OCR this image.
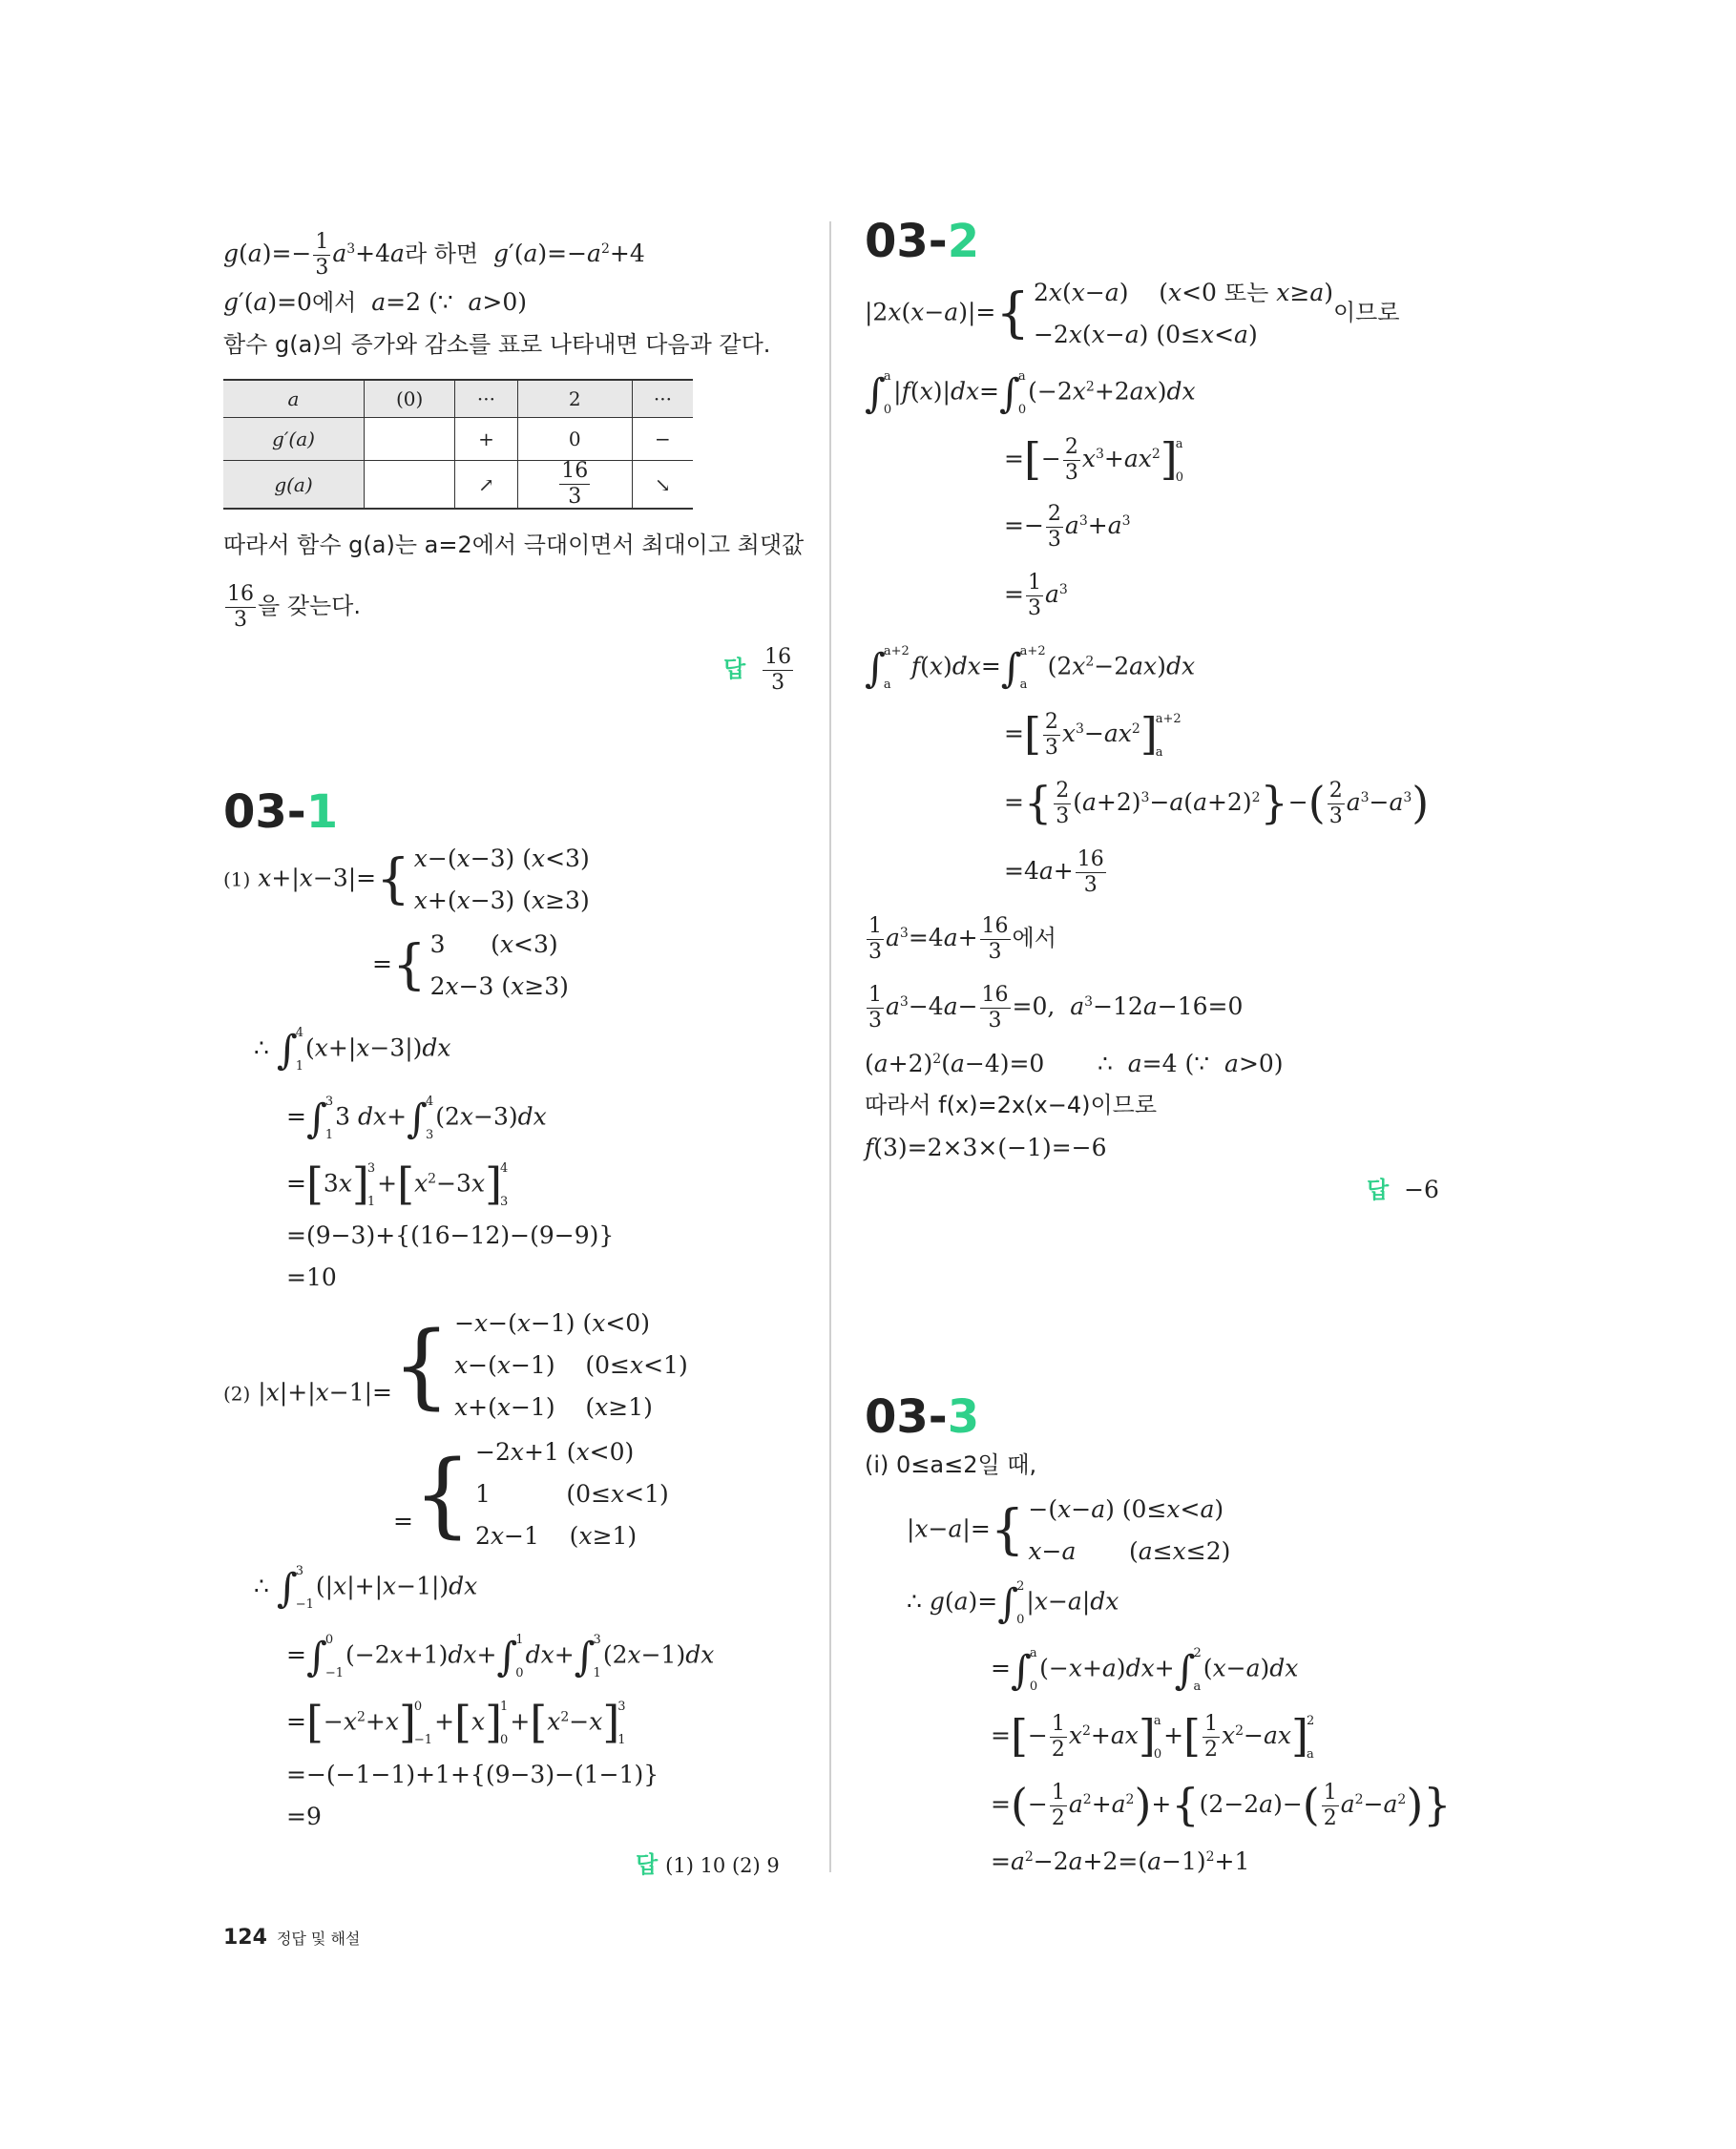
$g(a)=- \frac{1}{3} a^3+4a$라 하면 $g'(a)=-a^2+4$
g′(a)=0에서 a=2 (∵  a>0)
함수 g(a)의 증가와 감소를 표로 나타내면 다음과 같다.
a	(0)	···	2	···
g′(a)		+	0	−
g(a)		↗	$\frac{16}{3}$	↘
따라서 함수 g(a)는 a=2에서 극대이면서 최대이고 최댓값
$\frac{16}{3}$ 을 갖는다.
답 $\frac{16}{3}$
03-1
(1) x+|x−3|={ x−(x−3) (x<3)
x+(x−3) (x≥3)
={ 3      (x<3)
2x−3 (x≥3)
∴ ∫
4
1
(x+|x−3|)dx
=∫
3
1
3 dx+∫
4
3
(2x−3)dx
=[3x]
3
1
$+[x^2-3x]$
4
3
=(9−3)+{(16−12)−(9−9)}
=10
$_{(2)}$ |x|+|x−1|={ −x−(x−1) (x<0)
x−(x−1)    (0≤x<1)
x+(x−1)    (x≥1)
={ −2x+1 (x<0)
1          (0≤x<1)
2x−1    (x≥1)
∴ ∫
3
−1
(|x|+|x−1|)dx
=∫
0
−1
(−2x+1)dx+∫
1
0
dx+∫
3
1
(2x−1)dx
$=[-x^2+x]$
0
−1
+[x]
1
0
$+[x^2-x]$
3
1
=−(−1−1)+1+{(9−3)−(1−1)}
=9
답 (1) 10 (2) 9
03-2
|2x(x−a)|={ 2x(x−a)    (x<0 또는 x≥a)
−2x(x−a) (0≤x<a)이므로
∫
a
0
|f(x)|dx=∫
a
0
$(-2x^2+2ax)dx$
=[− $\frac{2}{3} x^3+ax^2$]
a
0
=− $\frac{2}{3} a^3+a^3$
= $\frac{1}{3} a^3$
∫
a+2
a
f(x)dx=∫
a+2
a
$(2x^2-2ax)dx$
=[ $\frac{2}{3} x^3-ax^2$]
a+2
a
={ $\frac{2}{3} (a+2)^3-a(a+2)^2\}-( \frac{2}{3} a^3-a^3)$
$=4a+ \frac{16}{3}$
$\frac{1}{3} a^3=4a+ \frac{16}{3}$ 에서
$\frac{1}{3} a^3-4a- \frac{16}{3} =0$,  $a^3-12a-16=0$
$(a+2)^2(a-4)=0$       ∴  a=4 (∵  a>0)
따라서 f(x)=2x(x−4)이므로
f(3)=2×3×(−1)=−6
답 −6
03-3
(i) 0≤a≤2일 때,
|x−a|={ −(x−a) (0≤x<a)
x−a       (a≤x≤2)
∴ g(a)=∫
2
0
|x−a|dx
=∫
a
0
(−x+a)dx+∫
2
a
(x−a)dx
=[− $\frac{1}{2} x^2+ax$]
a
0
+[ $\frac{1}{2} x^2-ax$]
2
a
=(− $\frac{1}{2} a^2+a^2)+\{(2-2a)-( \frac{1}{2} a^2-a^2)\}$
$=a^2-2a+2=(a-1)^2+1$
124 정답 및 해설
